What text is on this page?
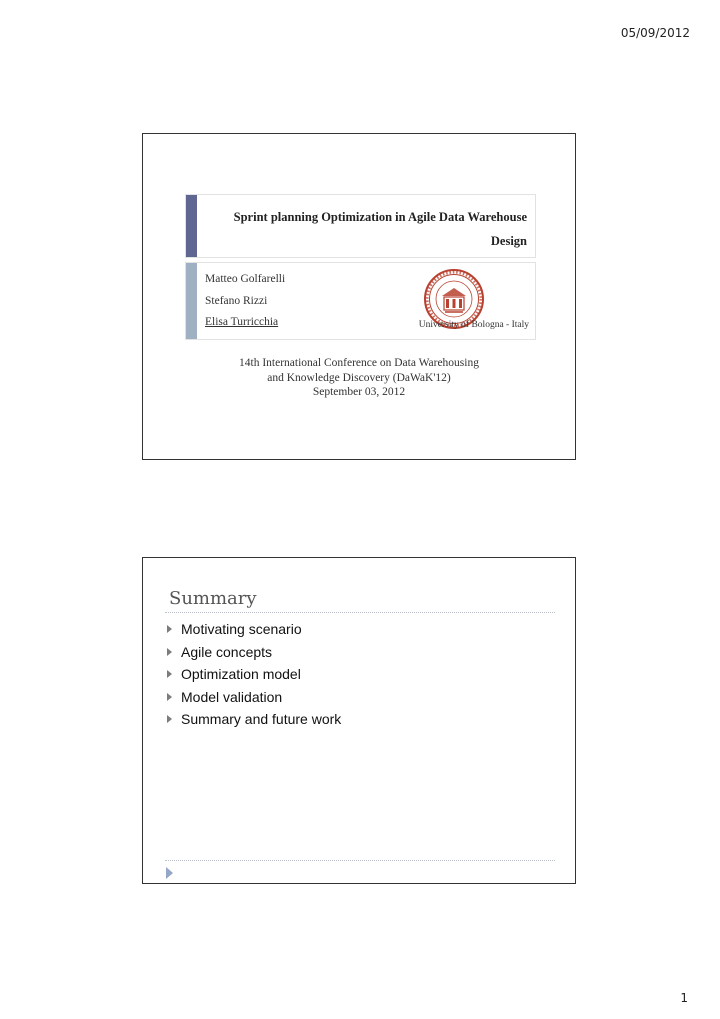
05/09/2012
Sprint planning Optimization in Agile Data Warehouse Design
Matteo Golfarelli
Stefano Rizzi
Elisa Turricchia	University of Bologna - Italy
14th International Conference on Data Warehousing
and Knowledge Discovery (DaWaK'12)
September 03, 2012
Summary
Motivating scenario
Agile concepts
Optimization model
Model validation
Summary and future work
1
